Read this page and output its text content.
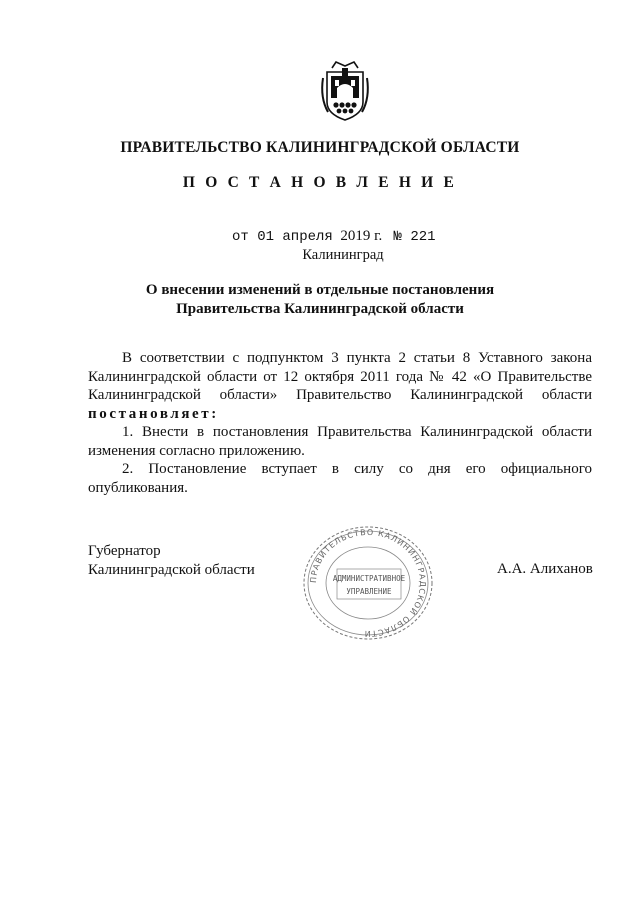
ПРАВИТЕЛЬСТВО КАЛИНИНГРАДСКОЙ ОБЛАСТИ
П О С Т А Н О В Л Е Н И Е
от 01 апреля 2019 г. № 221
Калининград
О внесении изменений в отдельные постановления
Правительства Калининградской области

В соответствии с подпунктом 3 пункта 2 статьи 8 Уставного закона

Калининградской области от 12 октября 2011 года № 42 «О Правительстве

Калининградской области» Правительство Калининградской области

постановляет:

1. Внести в постановления Правительства Калининградской области

изменения согласно приложению.

2. Постановление вступает в силу со дня его официального

опубликования.

Губернатор
Калининградской области	А.А. Алиханов
ПРАВИТЕЛЬСТВО КАЛИНИНГРАДСКОЙ ОБЛАСТИ
АДМИНИСТРАТИВНОЕ
УПРАВЛЕНИЕ
